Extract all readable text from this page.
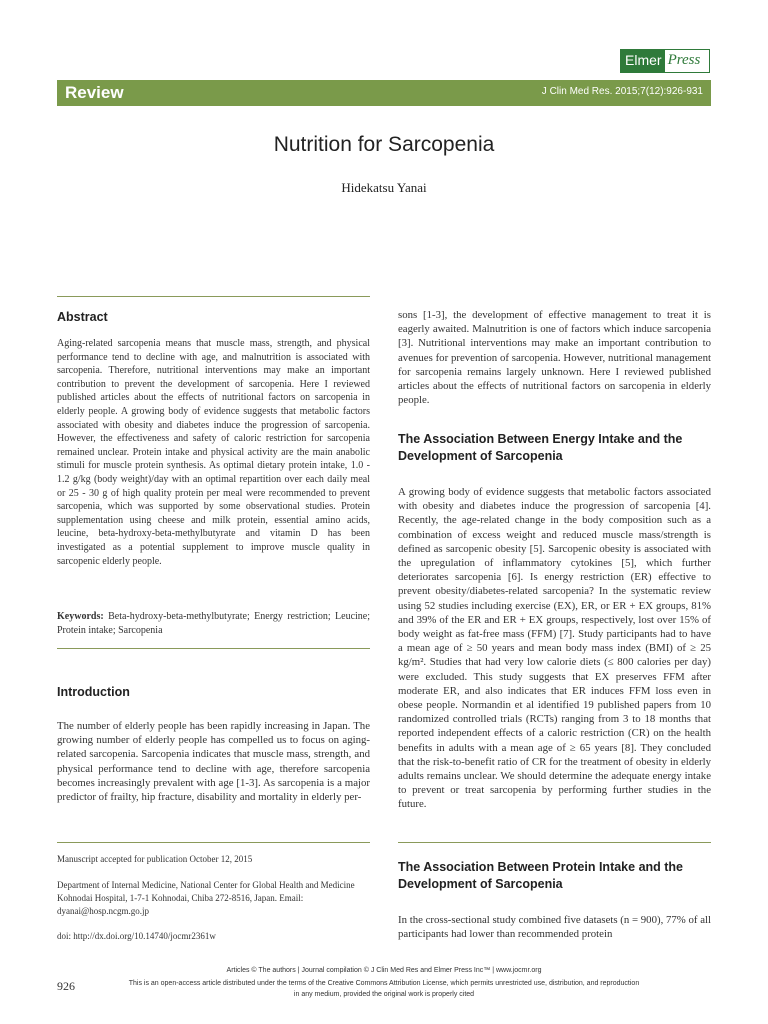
Elmer Press
Review	J Clin Med Res. 2015;7(12):926-931
Nutrition for Sarcopenia
Hidekatsu Yanai
Abstract
Aging-related sarcopenia means that muscle mass, strength, and physical performance tend to decline with age, and malnutrition is associated with sarcopenia. Therefore, nutritional interventions may make an important contribution to prevent the development of sarcopenia. Here I reviewed published articles about the effects of nutritional factors on sarcopenia in elderly people. A growing body of evidence suggests that metabolic factors associated with obesity and diabetes induce the progression of sarcopenia. However, the effectiveness and safety of caloric restriction for sarcopenia remained unclear. Protein intake and physical activity are the main anabolic stimuli for muscle protein synthesis. As optimal dietary protein intake, 1.0 - 1.2 g/kg (body weight)/day with an optimal repartition over each daily meal or 25 - 30 g of high quality protein per meal were recommended to prevent sarcopenia, which was supported by some observational studies. Protein supplementation using cheese and milk protein, essential amino acids, leucine, beta-hydroxy-beta-methylbutyrate and vitamin D has been investigated as a potential supplement to improve muscle quality in sarcopenic elderly people.
Keywords: Beta-hydroxy-beta-methylbutyrate; Energy restriction; Leucine; Protein intake; Sarcopenia
Introduction
The number of elderly people has been rapidly increasing in Japan. The growing number of elderly people has compelled us to focus on aging-related sarcopenia. Sarcopenia indicates that muscle mass, strength, and physical performance tend to decline with age, therefore sarcopenia becomes increasingly prevalent with age [1-3]. As sarcopenia is a major predictor of frailty, hip fracture, disability and mortality in elderly per-
Manuscript accepted for publication October 12, 2015
Department of Internal Medicine, National Center for Global Health and Medicine Kohnodai Hospital, 1-7-1 Kohnodai, Chiba 272-8516, Japan. Email: dyanai@hosp.ncgm.go.jp
doi: http://dx.doi.org/10.14740/jocmr2361w
sons [1-3], the development of effective management to treat it is eagerly awaited. Malnutrition is one of factors which induce sarcopenia [3]. Nutritional interventions may make an important contribution to avenues for prevention of sarcopenia. However, nutritional management for sarcopenia remains largely unknown. Here I reviewed published articles about the effects of nutritional factors on sarcopenia in elderly people.
The Association Between Energy Intake and the Development of Sarcopenia
A growing body of evidence suggests that metabolic factors associated with obesity and diabetes induce the progression of sarcopenia [4]. Recently, the age-related change in the body composition such as a combination of excess weight and reduced muscle mass/strength is defined as sarcopenic obesity [5]. Sarcopenic obesity is associated with the upregulation of inflammatory cytokines [5], which further deteriorates sarcopenia [6]. Is energy restriction (ER) effective to prevent obesity/diabetes-related sarcopenia? In the systematic review using 52 studies including exercise (EX), ER, or ER + EX groups, 81% and 39% of the ER and ER + EX groups, respectively, lost over 15% of body weight as fat-free mass (FFM) [7]. Study participants had to have a mean age of ≥ 50 years and mean body mass index (BMI) of ≥ 25 kg/m². Studies that had very low calorie diets (≤ 800 calories per day) were excluded. This study suggests that EX preserves FFM after moderate ER, and also indicates that ER induces FFM loss even in obese people. Normandin et al identified 19 published papers from 10 randomized controlled trials (RCTs) ranging from 3 to 18 months that reported independent effects of a caloric restriction (CR) on the health benefits in adults with a mean age of ≥ 65 years [8]. They concluded that the risk-to-benefit ratio of CR for the treatment of obesity in elderly adults remains unclear. We should determine the adequate energy intake to prevent or treat sarcopenia by performing further studies in the future.
The Association Between Protein Intake and the Development of Sarcopenia
In the cross-sectional study combined five datasets (n = 900), 77% of all participants had lower than recommended protein
Articles © The authors | Journal compilation © J Clin Med Res and Elmer Press Inc™ | www.jocmr.org
This is an open-access article distributed under the terms of the Creative Commons Attribution License, which permits unrestricted use, distribution, and reproduction
in any medium, provided the original work is properly cited
926
